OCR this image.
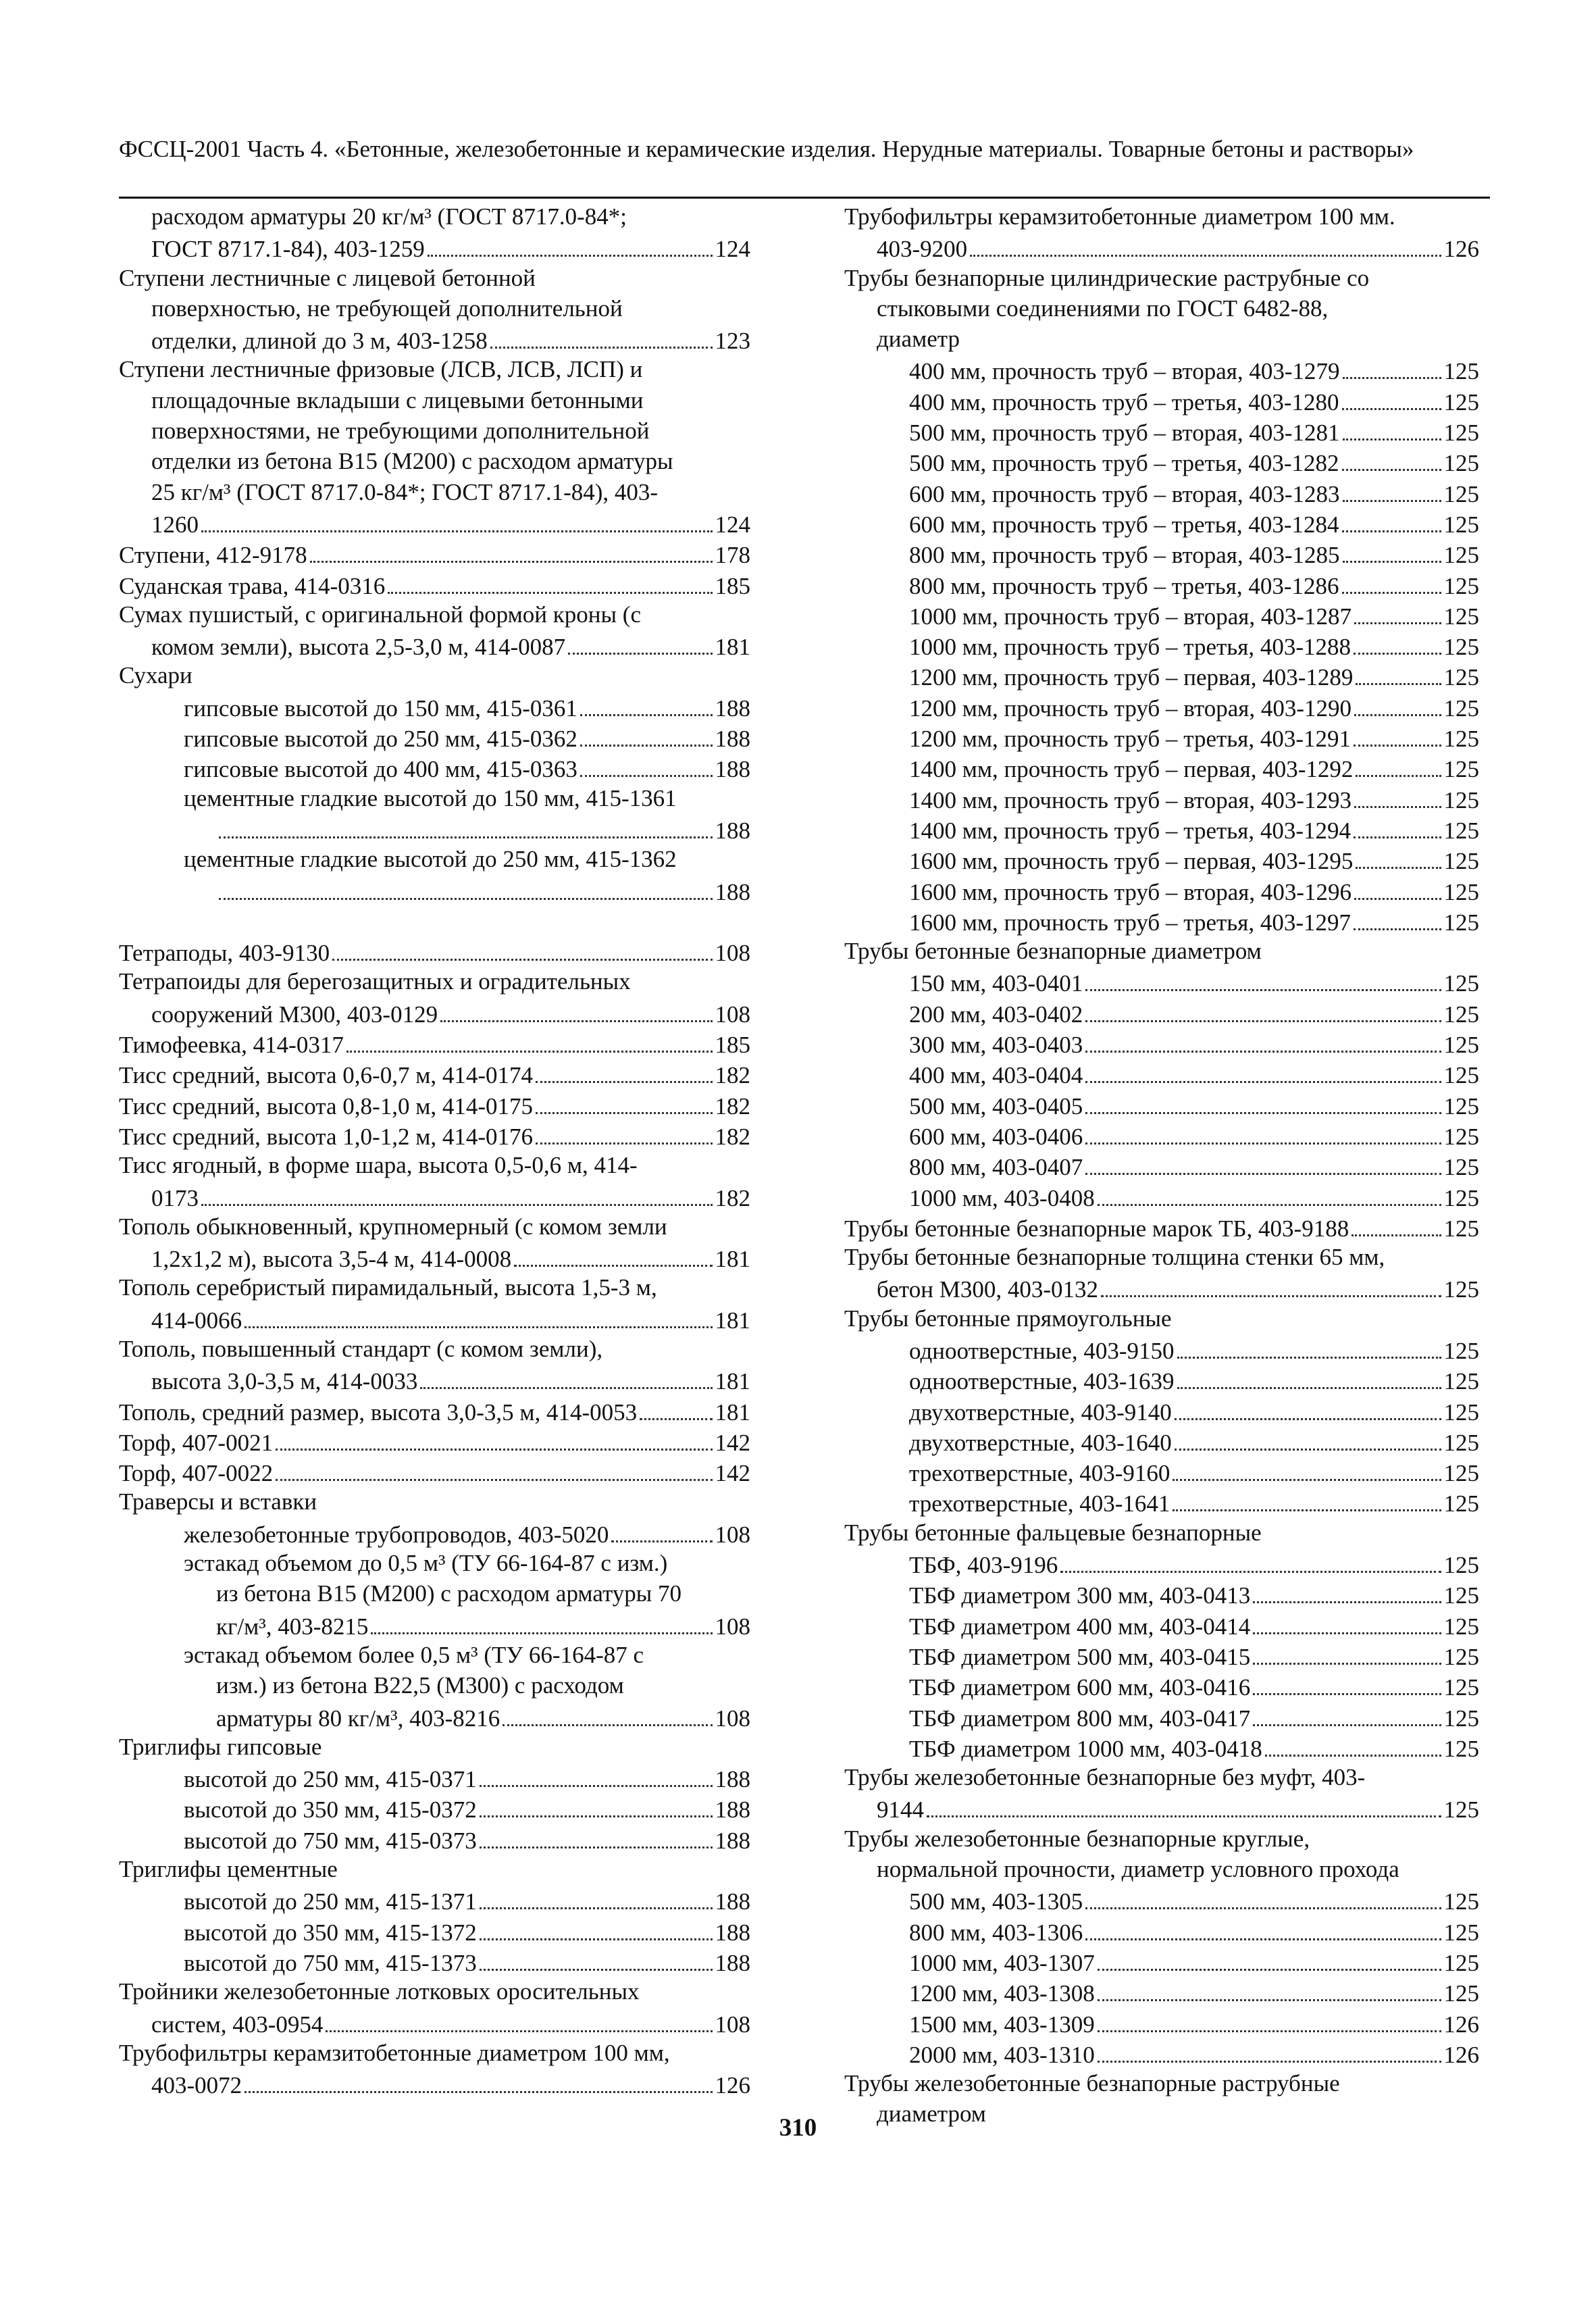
ФССЦ-2001 Часть 4. «Бетонные, железобетонные и керамические изделия. Нерудные материалы. Товарные бетоны и растворы»
расходом арматуры 20 кг/м³ (ГОСТ 8717.0-84*;
ГОСТ 8717.1-84), 403-1259	124
Ступени лестничные с лицевой бетонной
поверхностью, не требующей дополнительной
отделки, длиной до 3 м, 403-1258	123
Ступени лестничные фризовые (ЛСВ, ЛСВ, ЛСП) и
площадочные вкладыши с лицевыми бетонными
поверхностями, не требующими дополнительной
отделки из бетона В15 (М200) с расходом арматуры
25 кг/м³ (ГОСТ 8717.0-84*; ГОСТ 8717.1-84), 403-
1260	124
Ступени, 412-9178	178
Суданская трава, 414-0316	185
Сумах пушистый, с оригинальной формой кроны (с
комом земли), высота 2,5-3,0 м, 414-0087	181
Сухари
гипсовые высотой до 150 мм, 415-0361	188
гипсовые высотой до 250 мм, 415-0362	188
гипсовые высотой до 400 мм, 415-0363	188
цементные гладкие высотой до 150 мм, 415-1361
188
цементные гладкие высотой до 250 мм, 415-1362
188
Тетраподы, 403-9130	108
Тетрапоиды для берегозащитных и оградительных
сооружений М300, 403-0129	108
Тимофеевка, 414-0317	185
Тисс средний, высота 0,6-0,7 м, 414-0174	182
Тисс средний, высота 0,8-1,0 м, 414-0175	182
Тисс средний, высота 1,0-1,2 м, 414-0176	182
Тисс ягодный, в форме шара, высота 0,5-0,6 м, 414-
0173	182
Тополь обыкновенный, крупномерный (с комом земли
1,2х1,2 м), высота 3,5-4 м, 414-0008	181
Тополь серебристый пирамидальный, высота 1,5-3 м,
414-0066	181
Тополь, повышенный стандарт (с комом земли),
высота 3,0-3,5 м, 414-0033	181
Тополь, средний размер, высота 3,0-3,5 м, 414-0053	181
Торф, 407-0021	142
Торф, 407-0022	142
Траверсы и вставки
железобетонные трубопроводов, 403-5020	108
эстакад объемом до 0,5 м³ (ТУ 66-164-87 с изм.)
из бетона В15 (М200) с расходом арматуры 70
кг/м³, 403-8215	108
эстакад объемом более 0,5 м³ (ТУ 66-164-87 с
изм.) из бетона В22,5 (М300) с расходом
арматуры 80 кг/м³, 403-8216	108
Триглифы гипсовые
высотой до 250 мм, 415-0371	188
высотой до 350 мм, 415-0372	188
высотой до 750 мм, 415-0373	188
Триглифы цементные
высотой до 250 мм, 415-1371	188
высотой до 350 мм, 415-1372	188
высотой до 750 мм, 415-1373	188
Тройники железобетонные лотковых оросительных
систем, 403-0954	108
Трубофильтры керамзитобетонные диаметром 100 мм,
403-0072	126
Трубофильтры керамзитобетонные диаметром 100 мм.
403-9200	126
Трубы безнапорные цилиндрические раструбные со
стыковыми соединениями по ГОСТ 6482-88,
диаметр
400 мм, прочность труб – вторая, 403-1279	125
400 мм, прочность труб – третья, 403-1280	125
500 мм, прочность труб – вторая, 403-1281	125
500 мм, прочность труб – третья, 403-1282	125
600 мм, прочность труб – вторая, 403-1283	125
600 мм, прочность труб – третья, 403-1284	125
800 мм, прочность труб – вторая, 403-1285	125
800 мм, прочность труб – третья, 403-1286	125
1000 мм, прочность труб – вторая, 403-1287	125
1000 мм, прочность труб – третья, 403-1288	125
1200 мм, прочность труб – первая, 403-1289	125
1200 мм, прочность труб – вторая, 403-1290	125
1200 мм, прочность труб – третья, 403-1291	125
1400 мм, прочность труб – первая, 403-1292	125
1400 мм, прочность труб – вторая, 403-1293	125
1400 мм, прочность труб – третья, 403-1294	125
1600 мм, прочность труб – первая, 403-1295	125
1600 мм, прочность труб – вторая, 403-1296	125
1600 мм, прочность труб – третья, 403-1297	125
Трубы бетонные безнапорные диаметром
150 мм, 403-0401	125
200 мм, 403-0402	125
300 мм, 403-0403	125
400 мм, 403-0404	125
500 мм, 403-0405	125
600 мм, 403-0406	125
800 мм, 403-0407	125
1000 мм, 403-0408	125
Трубы бетонные безнапорные марок ТБ, 403-9188	125
Трубы бетонные безнапорные толщина стенки 65 мм,
бетон М300, 403-0132	125
Трубы бетонные прямоугольные
одноотверстные, 403-9150	125
одноотверстные, 403-1639	125
двухотверстные, 403-9140	125
двухотверстные, 403-1640	125
трехотверстные, 403-9160	125
трехотверстные, 403-1641	125
Трубы бетонные фальцевые безнапорные
ТБФ, 403-9196	125
ТБФ диаметром 300 мм, 403-0413	125
ТБФ диаметром 400 мм, 403-0414	125
ТБФ диаметром 500 мм, 403-0415	125
ТБФ диаметром 600 мм, 403-0416	125
ТБФ диаметром 800 мм, 403-0417	125
ТБФ диаметром 1000 мм, 403-0418	125
Трубы железобетонные безнапорные без муфт, 403-
9144	125
Трубы железобетонные безнапорные круглые,
нормальной прочности, диаметр условного прохода
500 мм, 403-1305	125
800 мм, 403-1306	125
1000 мм, 403-1307	125
1200 мм, 403-1308	125
1500 мм, 403-1309	126
2000 мм, 403-1310	126
Трубы железобетонные безнапорные раструбные
диаметром
310
